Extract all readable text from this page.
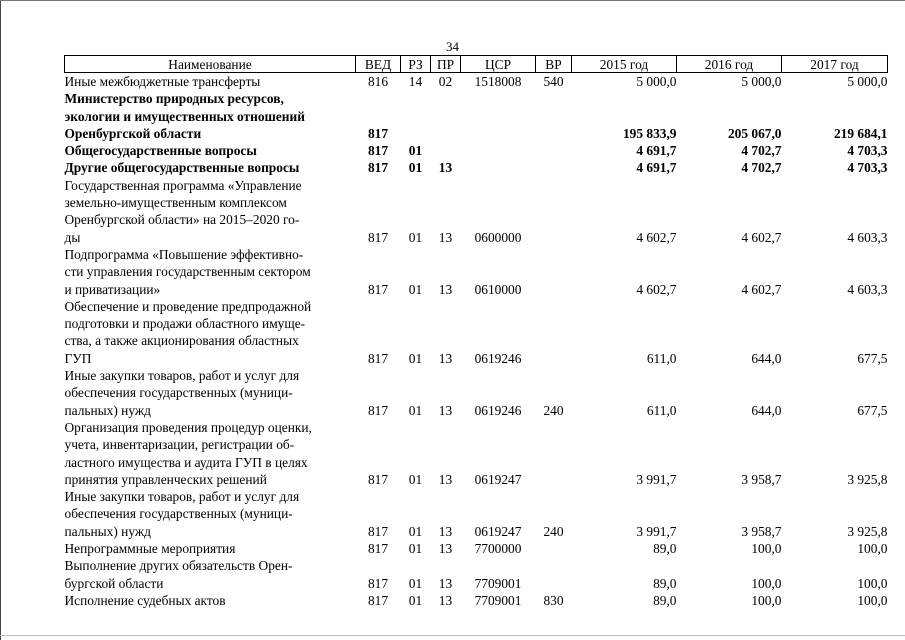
34
Наименование	ВЕД	РЗ	ПР	ЦСР	ВР	2015 год	2016 год	2017 год

Иные межбюджетные трансферты	816	14	02	1518008	540	5 000,0	5 000,0	5 000,0

Министерство природных ресурсов,
экологии и имущественных отношений
Оренбургской области	817					195 833,9	205 067,0	219 684,1

Общегосударственные вопросы	817	01				4 691,7	4 702,7	4 703,3

Другие общегосударственные вопросы	817	01	13			4 691,7	4 702,7	4 703,3

Государственная программа «Управление
земельно-имущественным комплексом
Оренбургской области» на 2015–2020 го-
ды	817	01	13	0600000		4 602,7	4 602,7	4 603,3

Подпрограмма «Повышение эффективно-
сти управления государственным сектором
и приватизации»	817	01	13	0610000		4 602,7	4 602,7	4 603,3

Обеспечение и проведение предпродажной
подготовки и продажи областного имуще-
ства, а также акционирования областных
ГУП	817	01	13	0619246		611,0	644,0	677,5

Иные закупки товаров, работ и услуг для
обеспечения государственных (муници-
пальных) нужд	817	01	13	0619246	240	611,0	644,0	677,5

Организация проведения процедур оценки,
учета, инвентаризации, регистрации об-
ластного имущества и аудита ГУП в целях
принятия управленческих решений	817	01	13	0619247		3 991,7	3 958,7	3 925,8

Иные закупки товаров, работ и услуг для
обеспечения государственных (муници-
пальных) нужд	817	01	13	0619247	240	3 991,7	3 958,7	3 925,8

Непрограммные мероприятия	817	01	13	7700000		89,0	100,0	100,0

Выполнение других обязательств Орен-
бургской области	817	01	13	7709001		89,0	100,0	100,0

Исполнение судебных актов	817	01	13	7709001	830	89,0	100,0	100,0
